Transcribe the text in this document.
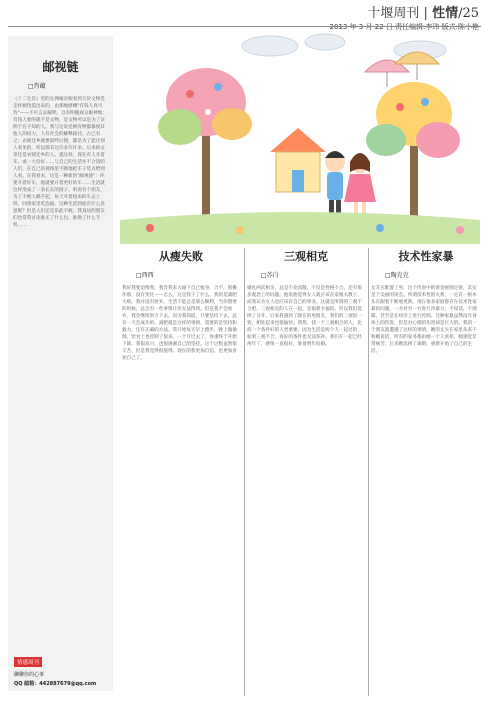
十堰周刊 | 性情/25
2013 年 3 月 22 日 责任编辑:李玮 版式:陈小艳
邮视链
□肖蕴
《十二生肖》里的女佣娘亲眼看到天价文物是怎样被伪造出来的，由那地感慨"有钱人真可怜"——不可言去解释。自有明眼观众眼神地：有钱人要的就不是文物，是文物可以是为了证明于在不知的人。我与这说是拥有物都靠视其他人的权力。人有社会的解释路径。古已有之：衣锦还乡就要前呼后拥，都是为了能让别人看见的，所以都有这许多许许多。后来的文章还是衣锦还乡的人。就这样，现在有人开着车，或一大份好……与自己的生活并不合适的人们，在自己的视线里不断地把车子装点给别人看。在我看来，这是一种新的"邮视链"：你要开着好车，他就要开着更好的车……生活就这样变成了一条长长的链子。听说有个朋友，为了不被人瞧不起，每天开着租来的车去上班，回到家里吃泡面。这种生活到底有什么意思呢？但是人们还是乐此不疲。我身边的朋友们也常常讨论谁买了什么包，谁换了什么手机……
情感周刊
聊聊你的心事
QQ 邮箱：442887679@qq.com
从瘦失败
□西西
我好我要追像我，我肯我来大碰下自己瘦身，合不，别操作那，没有变化——怎么，这是我干了什么，我的是减肥失败。我并没有放弃。生活不能总是那么顺利，当你想要的时候，总会有一些事情让你无法得到。但是我不会放弃，我会继续努力下去。因为我知道，只要坚持下去，总有一天会成功的。减肥就是这样的事情，需要的是坚持和毅力，还有正确的方法。我开始每天早上跑步，晚上做瑜伽，饮食上也控制了很多。一个月过去了，体重终于开始下降。我很高兴，也很感谢自己的坚持。这个过程虽然很辛苦，但是我觉得很值得。现在的我更加自信，也更加喜欢自己了。
三观相克
□苏白
婚礼两次相亲，总是不欢而散，不仅是性格不合，还有很多观念上的问题。他说他觉得女人就应该在家相夫教子，而我认为女人也应该有自己的事业。这就是所谓的三观不合吧。三观相克的人在一起，是很难幸福的。所以我们选择了分开。后来我遇到了现在的男朋友，我们的三观很一致，相处起来也很愉快。我想，找一个三观相合的人，比找一个条件好的人更重要。因为生活是两个人一起过的，如果三观不合，再好的条件也无法弥补。我们在一起已经两年了，感情一直很好，准备明年结婚。
技术性家暴
□陶克克
女友在配置了男，这个传说中的黄金拼图定律，其实是个美丽的误会。所谓技术性的关系，一定有一根木头在跟着不断地更新。现在很多家庭都存在技术性家暴的问题，一方对另一方进行冷暴力，不说话，不理睬，甚至是在经济上进行控制。这种家暴虽然没有身体上的伤害，但是对心理的伤害却是巨大的。我的一个朋友就遭遇了这样的事情，她的丈夫在家里从来不和她说话，所有的家务都由她一个人承担，她感觉非常痛苦。后来她选择了离婚，重新开始了自己的生活。
